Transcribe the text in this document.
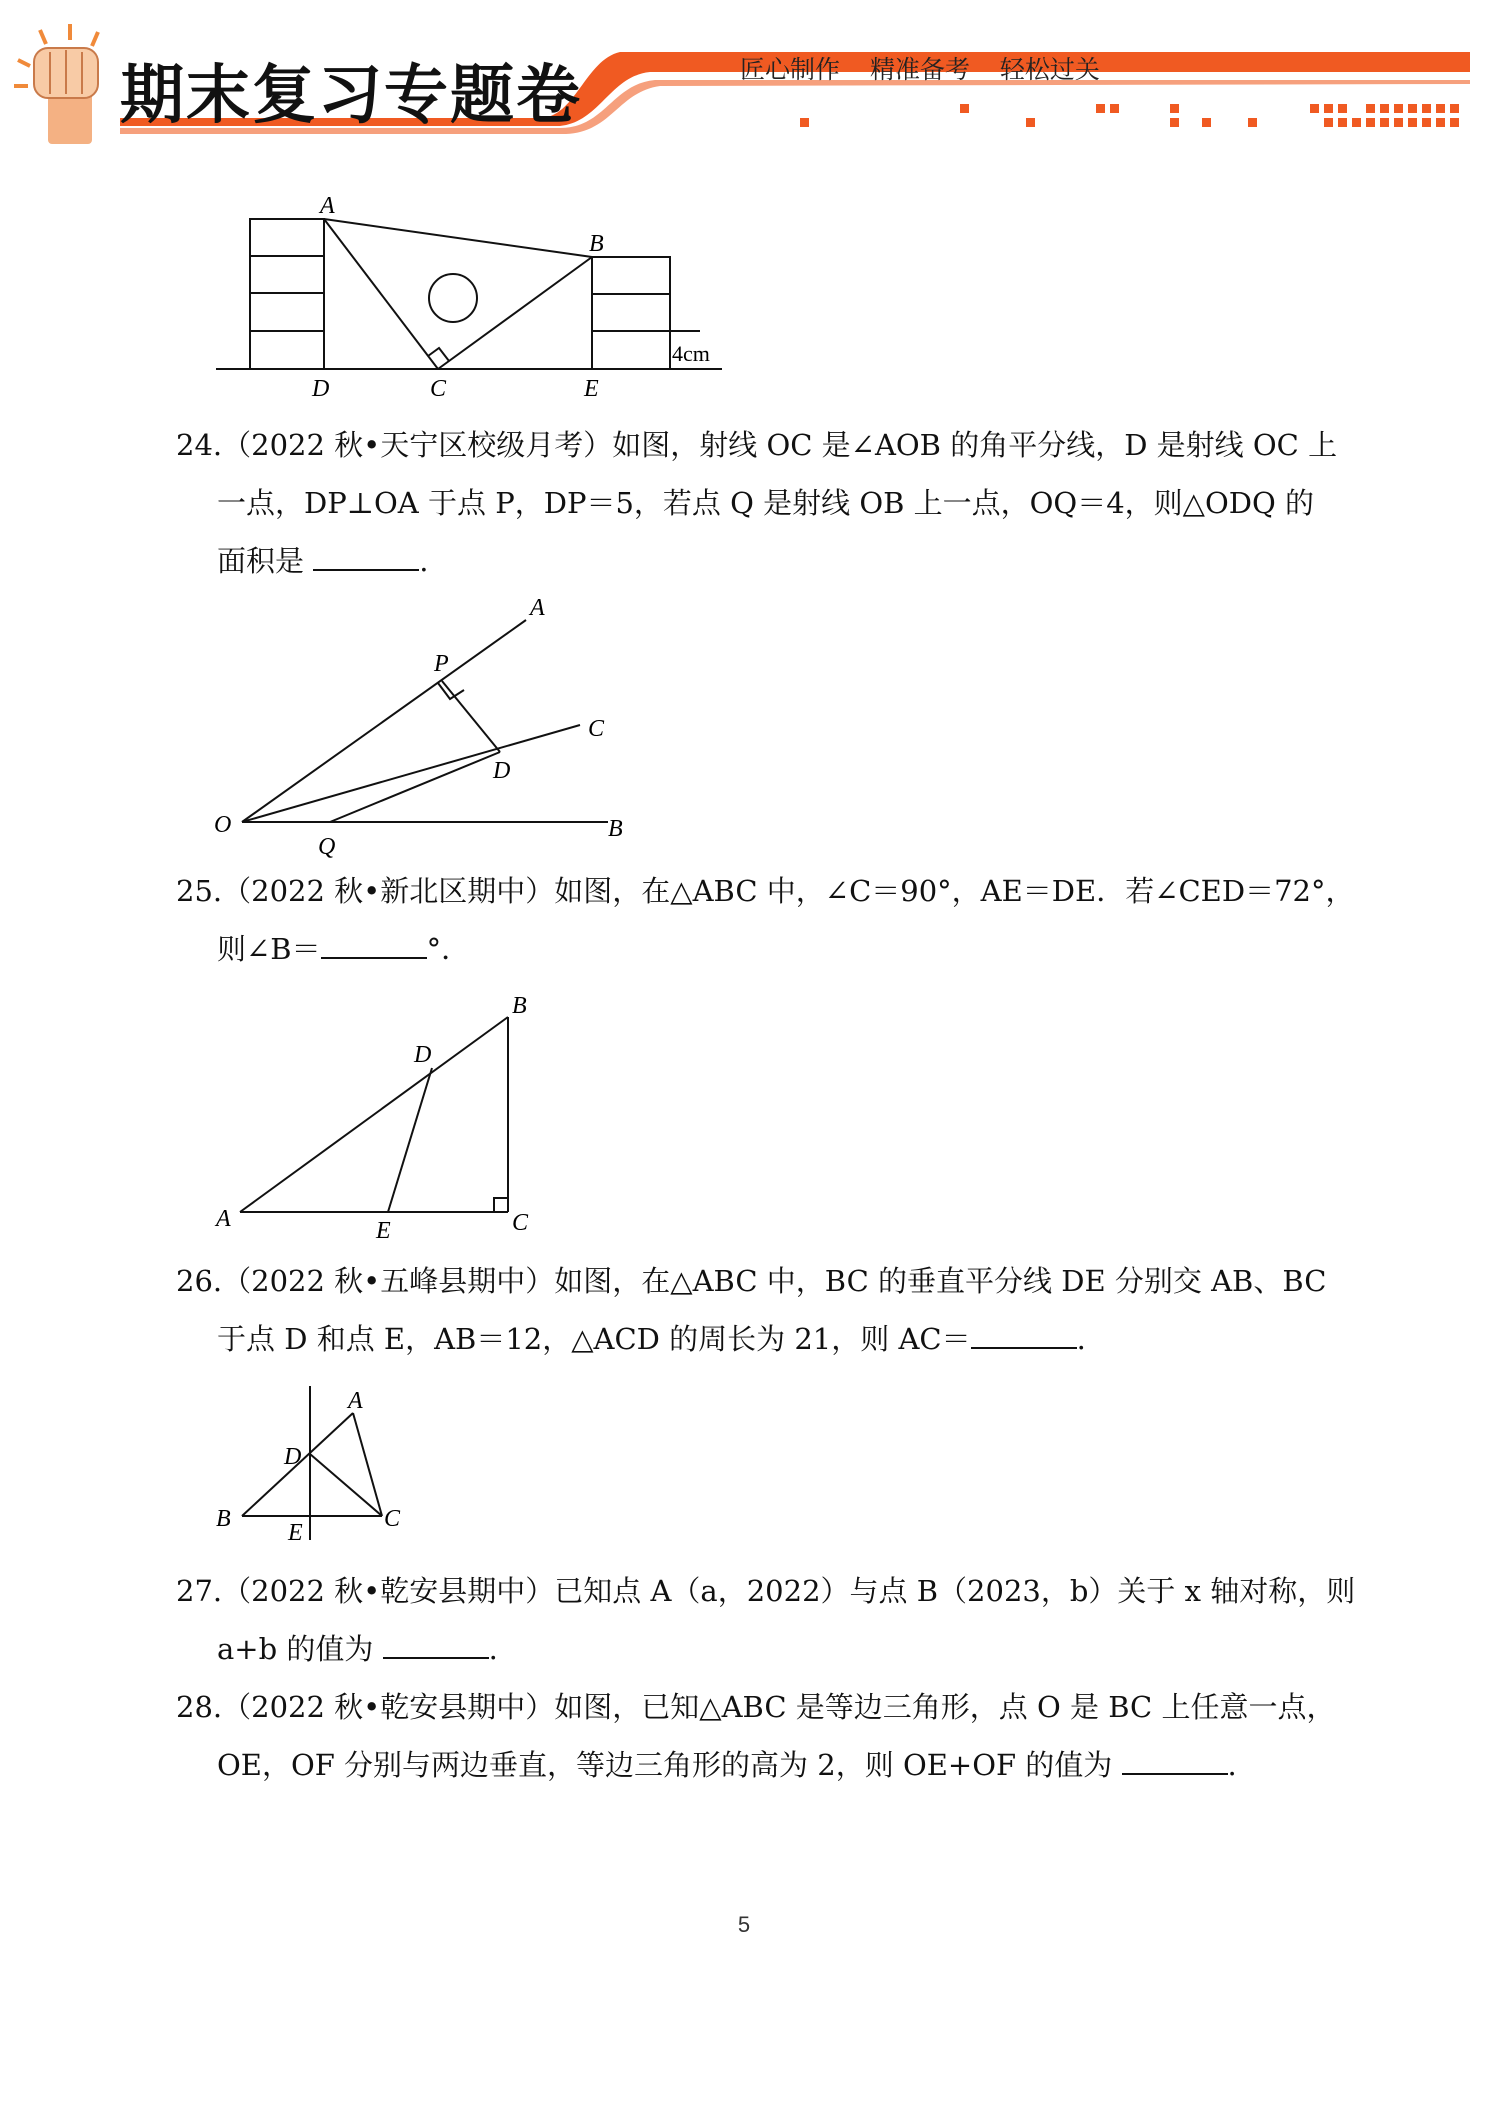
期末复习专题卷	匠心制作 精准备考 轻松过关
A
B
C
D	E
4cm
24.（2022 秋•天宁区校级月考）如图，射线 OC 是∠AOB 的角平分线，D 是射线 OC 上
一点，DP⊥OA 于点 P，DP＝5，若点 Q 是射线 OB 上一点，OQ＝4，则△ODQ 的
面积是	.
A
P
C
D
O
Q
B
25.（2022 秋•新北区期中）如图，在△ABC 中，∠C＝90°，AE＝DE．若∠CED＝72°，
则∠B＝	°．
B
D
A	E	C
26.（2022 秋•五峰县期中）如图，在△ABC 中，BC 的垂直平分线 DE 分别交 AB、BC
于点 D 和点 E，AB＝12，△ACD 的周长为 21，则 AC＝	.
A
D
B
E
C
27.（2022 秋•乾安县期中）已知点 A（a，2022）与点 B（2023，b）关于 x 轴对称，则
a+b 的值为	.
28.（2022 秋•乾安县期中）如图，已知△ABC 是等边三角形，点 O 是 BC 上任意一点，
OE，OF 分别与两边垂直，等边三角形的高为 2，则 OE+OF 的值为	.
5
